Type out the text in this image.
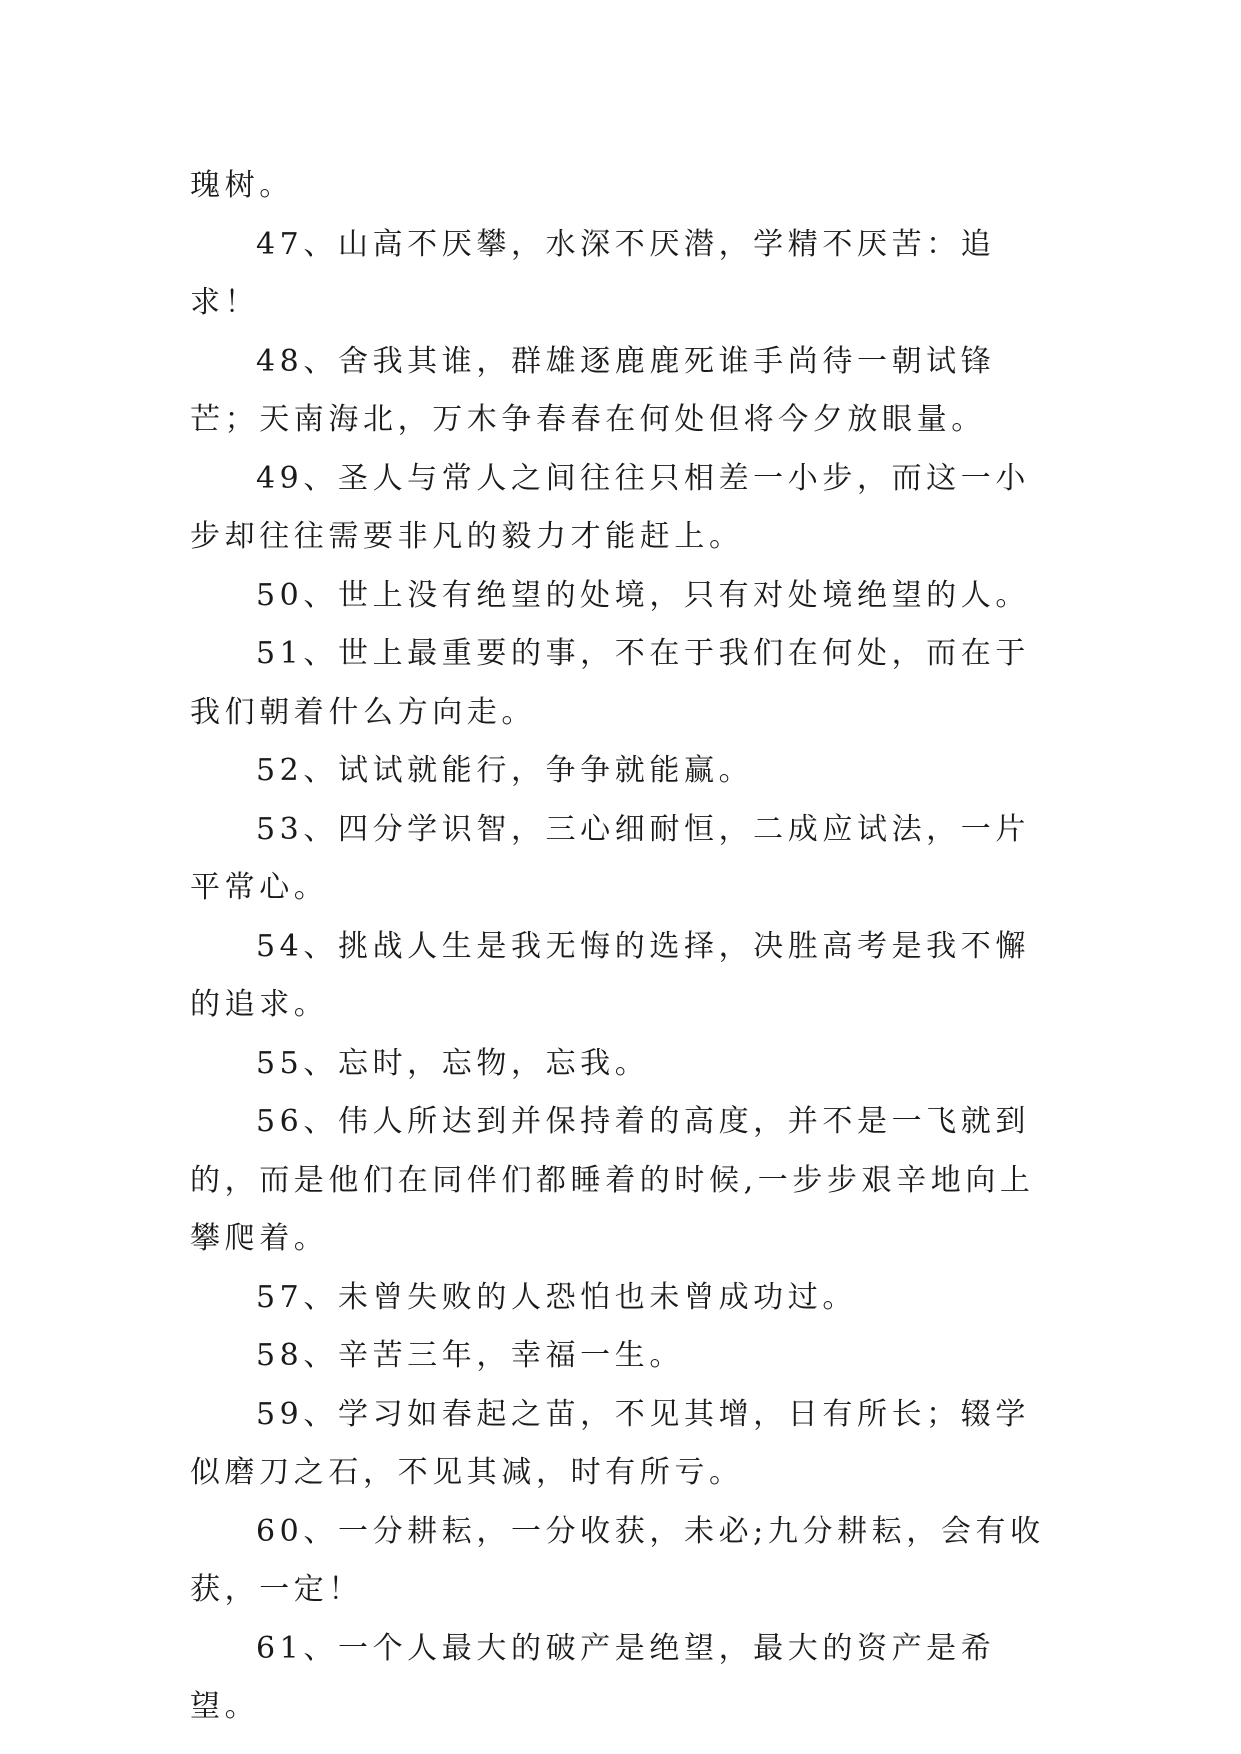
瑰树。

47、山高不厌攀，水深不厌潜，学精不厌苦：追求！

48、舍我其谁，群雄逐鹿鹿死谁手尚待一朝试锋芒；天南海北，万木争春春在何处但将今夕放眼量。

49、圣人与常人之间往往只相差一小步，而这一小步却往往需要非凡的毅力才能赶上。

50、世上没有绝望的处境，只有对处境绝望的人。

51、世上最重要的事，不在于我们在何处，而在于我们朝着什么方向走。

52、试试就能行，争争就能赢。

53、四分学识智，三心细耐恒，二成应试法，一片平常心。

54、挑战人生是我无悔的选择，决胜高考是我不懈的追求。

55、忘时，忘物，忘我。

56、伟人所达到并保持着的高度，并不是一飞就到的，而是他们在同伴们都睡着的时候,一步步艰辛地向上攀爬着。

57、未曾失败的人恐怕也未曾成功过。

58、辛苦三年，幸福一生。

59、学习如春起之苗，不见其增，日有所长；辍学似磨刀之石，不见其减，时有所亏。

60、一分耕耘，一分收获，未必;九分耕耘，会有收获，一定！

61、一个人最大的破产是绝望，最大的资产是希望。
